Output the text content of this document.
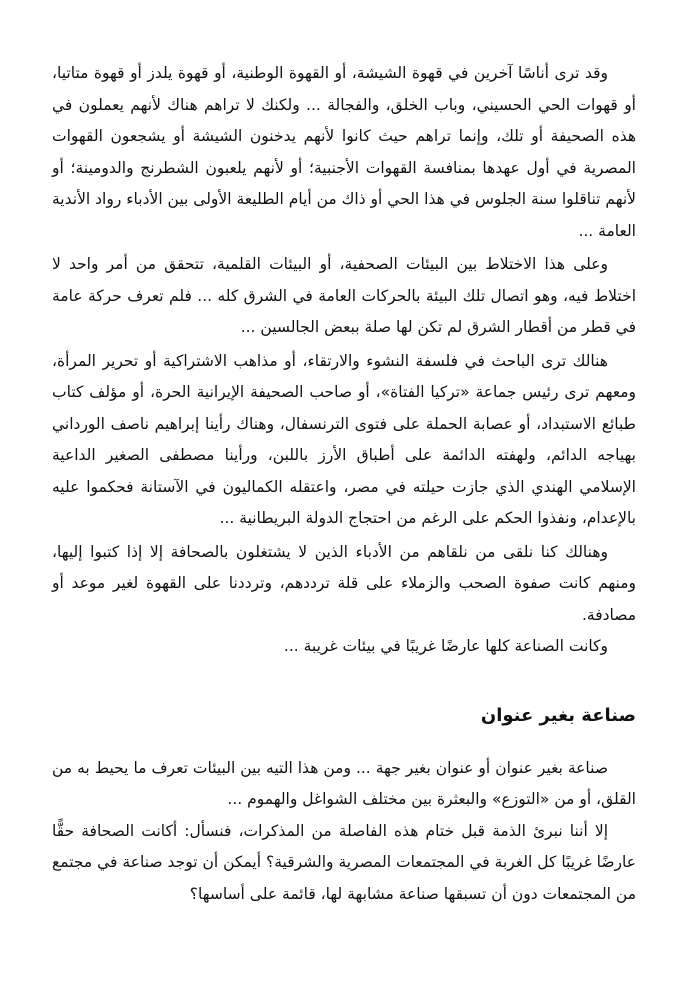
وقد ترى أناسًا آخرين في قهوة الشيشة، أو القهوة الوطنية، أو قهوة يلدز أو قهوة متاتيا، أو قهوات الحي الحسيني، وباب الخلق، والفجالة ... ولكنك لا تراهم هناك لأنهم يعملون في هذه الصحيفة أو تلك، وإنما تراهم حيث كانوا لأنهم يدخنون الشيشة أو يشجعون القهوات المصرية في أول عهدها بمنافسة القهوات الأجنبية؛ أو لأنهم يلعبون الشطرنج والدومينة؛ أو لأنهم تناقلوا سنة الجلوس في هذا الحي أو ذاك من أيام الطليعة الأولى بين الأدباء رواد الأندية العامة ...

وعلى هذا الاختلاط بين البيئات الصحفية، أو البيئات القلمية، تتحقق من أمر واحد لا اختلاط فيه، وهو اتصال تلك البيئة بالحركات العامة في الشرق كله ... فلم تعرف حركة عامة في قطر من أقطار الشرق لم تكن لها صلة ببعض الجالسين ...

هنالك ترى الباحث في فلسفة النشوء والارتقاء، أو مذاهب الاشتراكية أو تحرير المرأة، ومعهم ترى رئيس جماعة «تركيا الفتاة»، أو صاحب الصحيفة الإيرانية الحرة، أو مؤلف كتاب طبائع الاستبداد، أو عصابة الحملة على فتوى الترنسفال، وهناك رأينا إبراهيم ناصف الورداني بهياجه الدائم، ولهفته الدائمة على أطباق الأرز باللبن، ورأينا مصطفى الصغير الداعية الإسلامي الهندي الذي جازت حيلته في مصر، واعتقله الكماليون في الآستانة فحكموا عليه بالإعدام، ونفذوا الحكم على الرغم من احتجاج الدولة البريطانية ...

وهنالك كنا نلقى من نلقاهم من الأدباء الذين لا يشتغلون بالصحافة إلا إذا كتبوا إليها، ومنهم كانت صفوة الصحب والزملاء على قلة ترددهم، وترددنا على القهوة لغير موعد أو مصادفة.

وكانت الصناعة كلها عارضًا غريبًا في بيئات غريبة ...

صناعة بغير عنوان

صناعة بغير عنوان أو عنوان بغير جهة ... ومن هذا التيه بين البيئات تعرف ما يحيط به من القلق، أو من «التوزع» والبعثرة بين مختلف الشواغل والهموم ...

إلا أننا نبرئ الذمة قبل ختام هذه الفاصلة من المذكرات، فنسأل: أكانت الصحافة حقًّا عارضًا غريبًا كل الغربة في المجتمعات المصرية والشرقية؟ أيمكن أن توجد صناعة في مجتمع من المجتمعات دون أن تسبقها صناعة مشابهة لها، قائمة على أساسها؟
